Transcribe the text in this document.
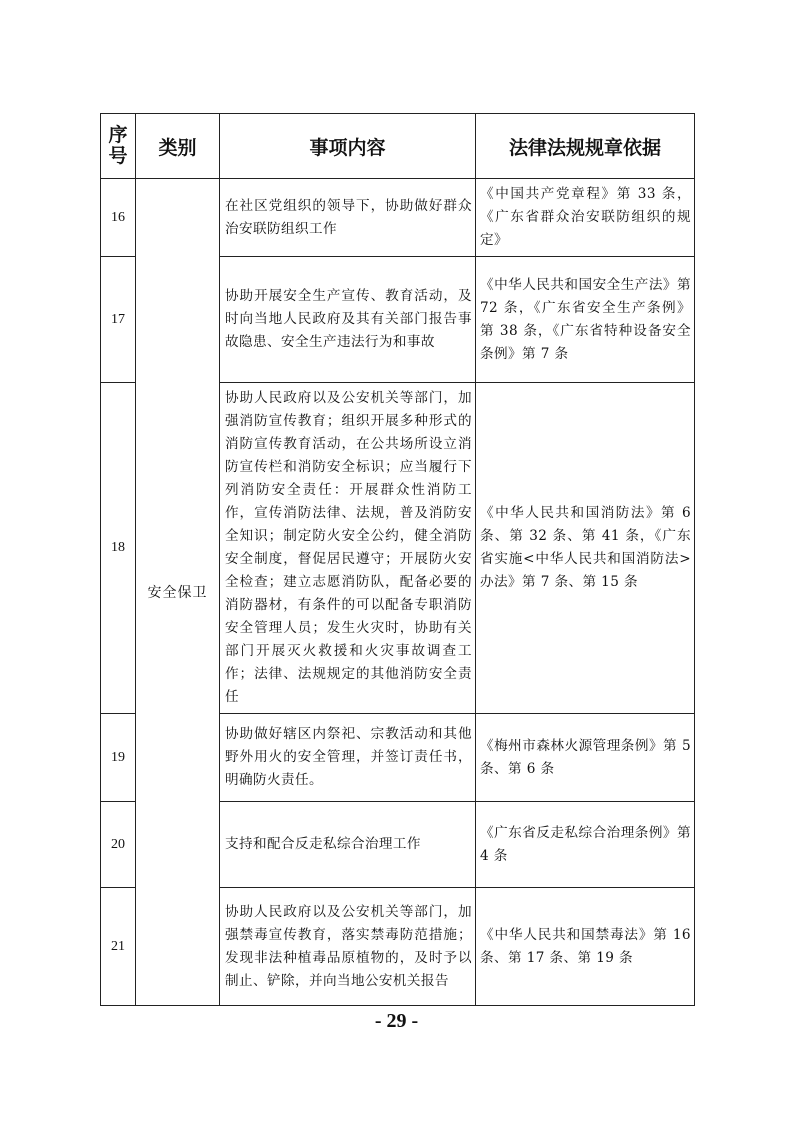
序号	类别	事项内容	法律法规规章依据
16	安全保卫	在社区党组织的领导下，协助做好群众治安联防组织工作	《中国共产党章程》第 33 条，《广东省群众治安联防组织的规定》
17		协助开展安全生产宣传、教育活动，及时向当地人民政府及其有关部门报告事故隐患、安全生产违法行为和事故	《中华人民共和国安全生产法》第 72 条，《广东省安全生产条例》第 38 条，《广东省特种设备安全条例》第 7 条
18		协助人民政府以及公安机关等部门，加强消防宣传教育；组织开展多种形式的消防宣传教育活动，在公共场所设立消防宣传栏和消防安全标识；应当履行下列消防安全责任：开展群众性消防工作，宣传消防法律、法规，普及消防安全知识；制定防火安全公约，健全消防安全制度，督促居民遵守；开展防火安全检查；建立志愿消防队，配备必要的消防器材，有条件的可以配备专职消防安全管理人员；发生火灾时，协助有关部门开展灭火救援和火灾事故调查工作；法律、法规规定的其他消防安全责任	《中华人民共和国消防法》第 6 条、第 32 条、第 41 条，《广东省实施<中华人民共和国消防法>办法》第 7 条、第 15 条
19		协助做好辖区内祭祀、宗教活动和其他野外用火的安全管理，并签订责任书，明确防火责任。	《梅州市森林火源管理条例》第 5 条、第 6 条
20		支持和配合反走私综合治理工作	《广东省反走私综合治理条例》第 4 条
21		协助人民政府以及公安机关等部门，加强禁毒宣传教育，落实禁毒防范措施；发现非法种植毒品原植物的，及时予以制止、铲除，并向当地公安机关报告	《中华人民共和国禁毒法》第 16 条、第 17 条、第 19 条
- 29 -
